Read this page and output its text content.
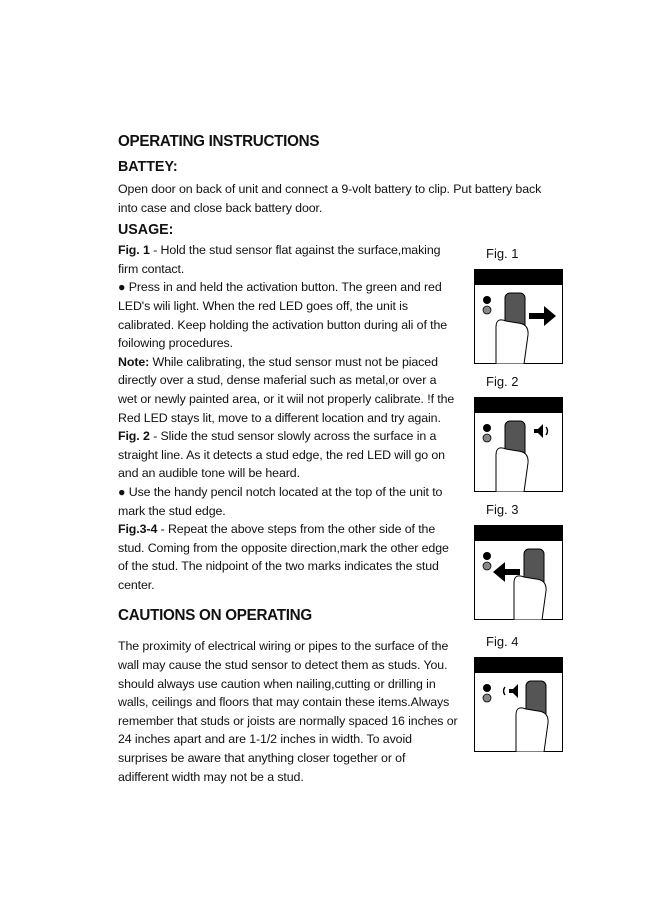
OPERATING INSTRUCTIONS
BATTEY:

Open door on back of unit and connect a 9-volt battery to clip. Put battery back into case and close back battery door.

USAGE:

Fig. 1 - Hold the stud sensor flat against the surface,making firm contact.

● Press in and held the activation button. The green and red LED's wili light. When the red LED goes off, the unit is calibrated. Keep holding the activation button during ali of the foilowing procedures.

Note: While calibrating, the stud sensor must not be piaced directly over a stud, dense maferial such as metal,or over a wet or newly painted area, or it wiil not properly calibrate. !f the Red LED stays lit, move to a different location and try again.

Fig. 2 - Slide the stud sensor slowly across the surface in a straight line. As it detects a stud edge, the red LED will go on and an audible tone will be heard.

● Use the handy pencil notch located at the top of the unit to mark the stud edge.

Fig.3-4 - Repeat the above steps from the other side of the stud. Coming from the opposite direction,mark the other edge of the stud. The nidpoint of the two marks indicates the stud center.

CAUTIONS ON OPERATING

The proximity of electrical wiring or pipes to the surface of the wall may cause the stud sensor to detect them as studs. You. should always use caution when nailing,cutting or drilling in walls, ceilings and floors that may contain these items.Always remember that studs or joists are normally spaced 16 inches or 24 inches apart and are 1-1/2 inches in width. To avoid surprises be aware that anything closer together or of adifferent width may not be a stud.

Fig. 1
Fig. 2
Fig. 3
Fig. 4
